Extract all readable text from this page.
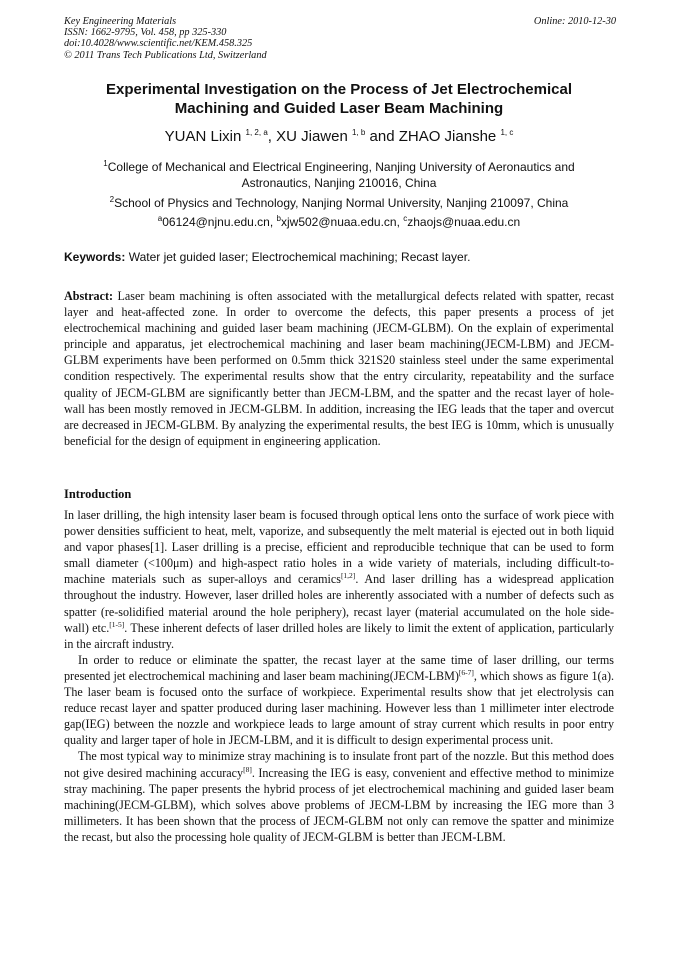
Key Engineering Materials
ISSN: 1662-9795, Vol. 458, pp 325-330
doi:10.4028/www.scientific.net/KEM.458.325
© 2011 Trans Tech Publications Ltd, Switzerland
Online: 2010-12-30
Experimental Investigation on the Process of Jet Electrochemical
Machining and Guided Laser Beam Machining
YUAN Lixin $^{1, 2, a}$, XU Jiawen $^{1, b}$ and ZHAO Jianshe $^{1, c}$
$^1$College of Mechanical and Electrical Engineering, Nanjing University of Aeronautics and
Astronautics, Nanjing 210016, China
$^2$School of Physics and Technology, Nanjing Normal University, Nanjing 210097, China
$^a$06124@njnu.edu.cn, $^b$xjw502@nuaa.edu.cn, $^c$zhaojs@nuaa.edu.cn
Keywords: Water jet guided laser; Electrochemical machining; Recast layer.
Abstract: Laser beam machining is often associated with the metallurgical defects related with spatter, recast layer and heat-affected zone. In order to overcome the defects, this paper presents a process of jet electrochemical machining and guided laser beam machining (JECM-GLBM). On the explain of experimental principle and apparatus, jet electrochemical machining and laser beam machining(JECM-LBM) and JECM-GLBM experiments have been performed on 0.5mm thick 321S20 stainless steel under the same experimental condition respectively. The experimental results show that the entry circularity, repeatability and the surface quality of JECM-GLBM are significantly better than JECM-LBM, and the spatter and the recast layer of hole-wall has been mostly removed in JECM-GLBM. In addition, increasing the IEG leads that the taper and overcut are decreased in JECM-GLBM. By analyzing the experimental results, the best IEG is 10mm, which is unusually beneficial for the design of equipment in engineering application.
Introduction

In laser drilling, the high intensity laser beam is focused through optical lens onto the surface of work piece with power densities sufficient to heat, melt, vaporize, and subsequently the melt material is ejected out in both liquid and vapor phases[1]. Laser drilling is a precise, efficient and reproducible technique that can be used to form small diameter (<100μm) and high-aspect ratio holes in a wide variety of materials, including difficult-to-machine materials such as super-alloys and ceramics[1,2]. And laser drilling has a widespread application throughout the industry. However, laser drilled holes are inherently associated with a number of defects such as spatter (re-solidified material around the hole periphery), recast layer (material accumulated on the hole side-wall) etc.[1-5]. These inherent defects of laser drilled holes are likely to limit the extent of application, particularly in the aircraft industry.

In order to reduce or eliminate the spatter, the recast layer at the same time of laser drilling, our terms presented jet electrochemical machining and laser beam machining(JECM-LBM)[6-7], which shows as figure 1(a). The laser beam is focused onto the surface of workpiece. Experimental results show that jet electrolysis can reduce recast layer and spatter produced during laser machining. However less than 1 millimeter inter electrode gap(IEG) between the nozzle and workpiece leads to large amount of stray current which results in poor entry quality and larger taper of hole in JECM-LBM, and it is difficult to design experimental process unit.

The most typical way to minimize stray machining is to insulate front part of the nozzle. But this method does not give desired machining accuracy[8]. Increasing the IEG is easy, convenient and effective method to minimize stray machining. The paper presents the hybrid process of jet electrochemical machining and guided laser beam machining(JECM-GLBM), which solves above problems of JECM-LBM by increasing the IEG more than 3 millimeters. It has been shown that the process of JECM-GLBM not only can remove the spatter and minimize the recast, but also the processing hole quality of JECM-GLBM is better than JECM-LBM.
